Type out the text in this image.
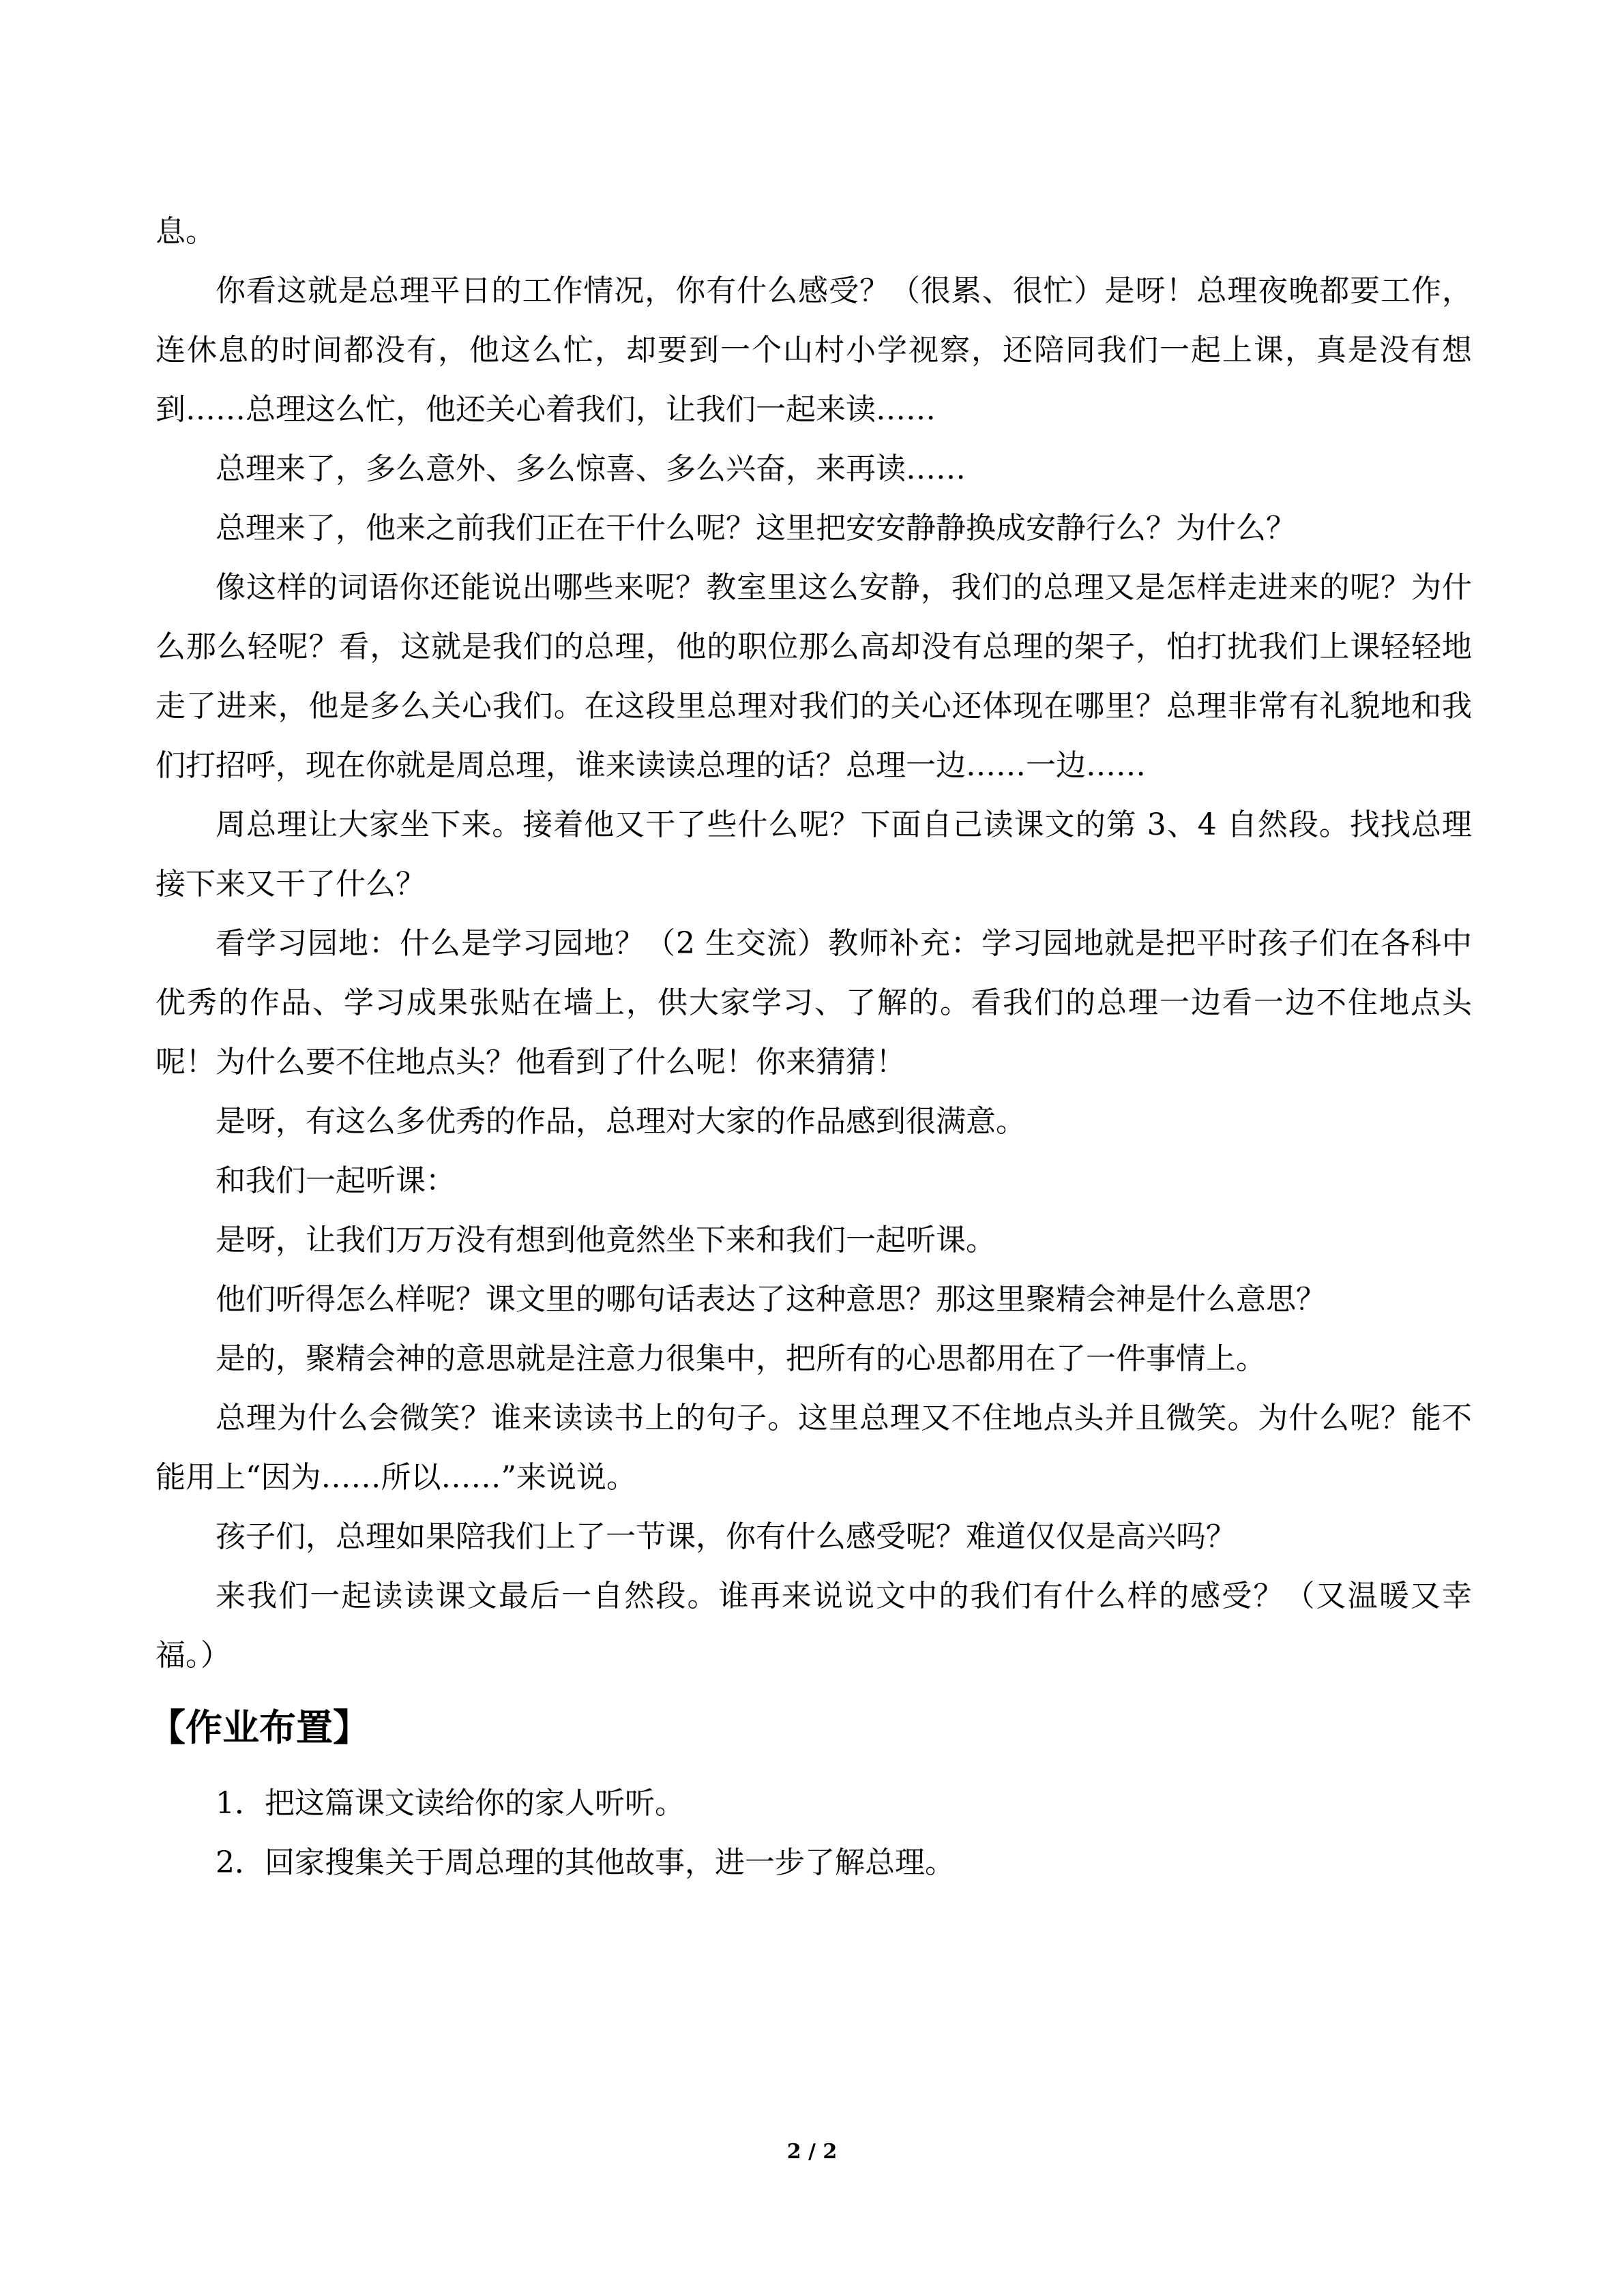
息。

你看这就是总理平日的工作情况，你有什么感受？（很累、很忙）是呀！总理夜晚都要工作，连休息的时间都没有，他这么忙，却要到一个山村小学视察，还陪同我们一起上课，真是没有想到……总理这么忙，他还关心着我们，让我们一起来读……

总理来了，多么意外、多么惊喜、多么兴奋，来再读……

总理来了，他来之前我们正在干什么呢？这里把安安静静换成安静行么？为什么？

像这样的词语你还能说出哪些来呢？教室里这么安静，我们的总理又是怎样走进来的呢？为什么那么轻呢？看，这就是我们的总理，他的职位那么高却没有总理的架子，怕打扰我们上课轻轻地走了进来，他是多么关心我们。在这段里总理对我们的关心还体现在哪里？总理非常有礼貌地和我们打招呼，现在你就是周总理，谁来读读总理的话？总理一边……一边……

周总理让大家坐下来。接着他又干了些什么呢？下面自己读课文的第 3、4 自然段。找找总理接下来又干了什么？

看学习园地：什么是学习园地？（2 生交流）教师补充：学习园地就是把平时孩子们在各科中优秀的作品、学习成果张贴在墙上，供大家学习、了解的。看我们的总理一边看一边不住地点头呢！为什么要不住地点头？他看到了什么呢！你来猜猜！

是呀，有这么多优秀的作品，总理对大家的作品感到很满意。

和我们一起听课：

是呀，让我们万万没有想到他竟然坐下来和我们一起听课。

他们听得怎么样呢？课文里的哪句话表达了这种意思？那这里聚精会神是什么意思？

是的，聚精会神的意思就是注意力很集中，把所有的心思都用在了一件事情上。

总理为什么会微笑？谁来读读书上的句子。这里总理又不住地点头并且微笑。为什么呢？能不能用上“因为……所以……”来说说。

孩子们，总理如果陪我们上了一节课，你有什么感受呢？难道仅仅是高兴吗？

来我们一起读读课文最后一自然段。谁再来说说文中的我们有什么样的感受？（又温暖又幸福。）

【作业布置】

1．把这篇课文读给你的家人听听。

2．回家搜集关于周总理的其他故事，进一步了解总理。

2 / 2
